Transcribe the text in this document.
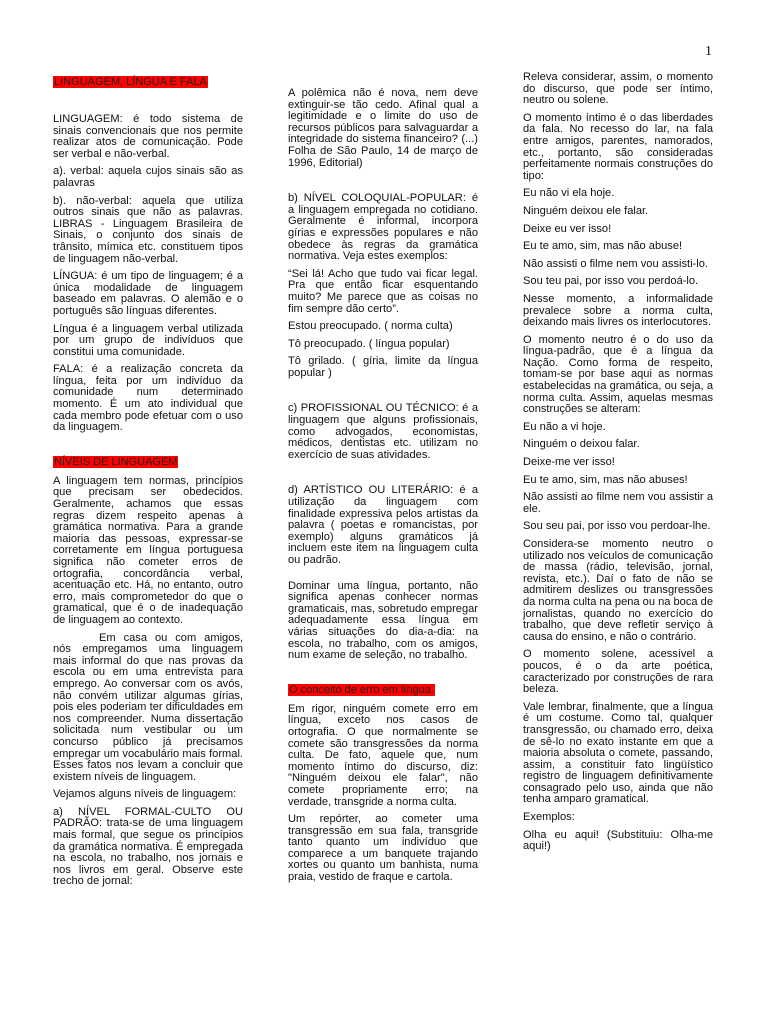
1
LINGUAGEM, LÍNGUA E FALA

LINGUAGEM: é todo sistema de sinais convencionais que nos permite realizar atos de comunicação. Pode ser verbal e não-verbal.

a). verbal: aquela cujos sinais são as palavras

b). não-verbal: aquela que utiliza outros sinais que não as palavras. LIBRAS - Linguagem Brasileira de Sinais, o conjunto dos sinais de trânsito, mímica etc. constituem tipos de linguagem não-verbal.

LÍNGUA: é um tipo de linguagem; é a única modalidade de linguagem baseado em palavras. O alemão e o português são línguas diferentes.

Língua é a linguagem verbal utilizada por um grupo de indivíduos que constitui uma comunidade.

FALA: é a realização concreta da língua, feita por um indivíduo da comunidade num determinado momento. É um ato individual que cada membro pode efetuar com o uso da linguagem.

NÍVEIS DE LINGUAGEM

A linguagem tem normas, princípios que precisam ser obedecidos. Geralmente, achamos que essas regras dizem respeito apenas à gramática normativa. Para a grande maioria das pessoas, expressar-se corretamente em língua portuguesa significa não cometer erros de ortografia, concordância verbal, acentuação etc. Há, no entanto, outro erro, mais comprometedor do que o gramatical, que é o de inadequação de linguagem ao contexto.

Em casa ou com amigos, nós empregamos uma linguagem mais informal do que nas provas da escola ou em uma entrevista para emprego. Ao conversar com os avós, não convém utilizar algumas gírias, pois eles poderiam ter dificuldades em nos compreender. Numa dissertação solicitada num vestibular ou um concurso público já precisamos empregar um vocabulário mais formal. Esses fatos nos levam a concluir que existem níveis de linguagem.

Vejamos alguns níveis de linguagem:

a) NÍVEL FORMAL-CULTO OU PADRÃO: trata-se de uma linguagem mais formal, que segue os princípios da gramática normativa. É empregada na escola, no trabalho, nos jornais e nos livros em geral. Observe este trecho de jornal:

A polêmica não é nova, nem deve extinguir-se tão cedo. Afinal qual a legitimidade e o limite do uso de recursos públicos para salvaguardar a integridade do sistema financeiro? (...) Folha de São Paulo, 14 de março de 1996, Editorial)

b) NÍVEL COLOQUIAL-POPULAR: é a linguagem empregada no cotidiano. Geralmente é informal, incorpora gírias e expressões populares e não obedece às regras da gramática normativa. Veja estes exemplos:

“Sei lá! Acho que tudo vai ficar legal. Pra que então ficar esquentando muito? Me parece que as coisas no fim sempre dão certo”.

Estou preocupado. ( norma culta)

Tô preocupado. ( língua popular)

Tô grilado. ( gíria, limite da língua popular )

c) PROFISSIONAL OU TÉCNICO: é a linguagem que alguns profissionais, como advogados, economistas, médicos, dentistas etc. utilizam no exercício de suas atividades.

d) ARTÍSTICO OU LITERÁRIO: é a utilização da linguagem com finalidade expressiva pelos artistas da palavra ( poetas e romancistas, por exemplo) alguns gramáticos já incluem este item na linguagem culta ou padrão.

Dominar uma língua, portanto, não significa apenas conhecer normas gramaticais, mas, sobretudo empregar adequadamente essa língua em várias situações do dia-a-dia: na escola, no trabalho, com os amigos, num exame de seleção, no trabalho.

O conceito de erro em língua.

Em rigor, ninguém comete erro em língua, exceto nos casos de ortografia. O que normalmente se comete são transgressões da norma culta. De fato, aquele que, num momento íntimo do discurso, diz: "Ninguém deixou ele falar", não comete propriamente erro; na verdade, transgride a norma culta.

Um repórter, ao cometer uma transgressão em sua fala, transgride tanto quanto um indivíduo que comparece a um banquete trajando xortes ou quanto um banhista, numa praia, vestido de fraque e cartola.

Releva considerar, assim, o momento do discurso, que pode ser íntimo, neutro ou solene.

O momento íntimo é o das liberdades da fala. No recesso do lar, na fala entre amigos, parentes, namorados, etc., portanto, são consideradas perfeitamente normais construções do tipo:

Eu não vi ela hoje.

Ninguém deixou ele falar.

Deixe eu ver isso!

Eu te amo, sim, mas não abuse!

Não assisti o filme nem vou assisti-lo.

Sou teu pai, por isso vou perdoá-lo.

Nesse momento, a informalidade prevalece sobre a norma culta, deixando mais livres os interlocutores.

O momento neutro é o do uso da língua-padrão, que é a língua da Nação. Como forma de respeito, tomam-se por base aqui as normas estabelecidas na gramática, ou seja, a norma culta. Assim, aquelas mesmas construções se alteram:

Eu não a vi hoje.

Ninguém o deixou falar.

Deixe-me ver isso!

Eu te amo, sim, mas não abuses!

Não assisti ao filme nem vou assistir a ele.

Sou seu pai, por isso vou perdoar-lhe.

Considera-se momento neutro o utilizado nos veículos de comunicação de massa (rádio, televisão, jornal, revista, etc.). Daí o fato de não se admitirem deslizes ou transgressões da norma culta na pena ou na boca de jornalistas, quando no exercício do trabalho, que deve refletir serviço à causa do ensino, e não o contrário.

O momento solene, acessível a poucos, é o da arte poética, caracterizado por construções de rara beleza.

Vale lembrar, finalmente, que a língua é um costume. Como tal, qualquer transgressão, ou chamado erro, deixa de sê-lo no exato instante em que a maioria absoluta o comete, passando, assim, a constituir fato lingüístico registro de linguagem definitivamente consagrado pelo uso, ainda que não tenha amparo gramatical.

Exemplos:

Olha eu aqui! (Substituiu: Olha-me aqui!)
